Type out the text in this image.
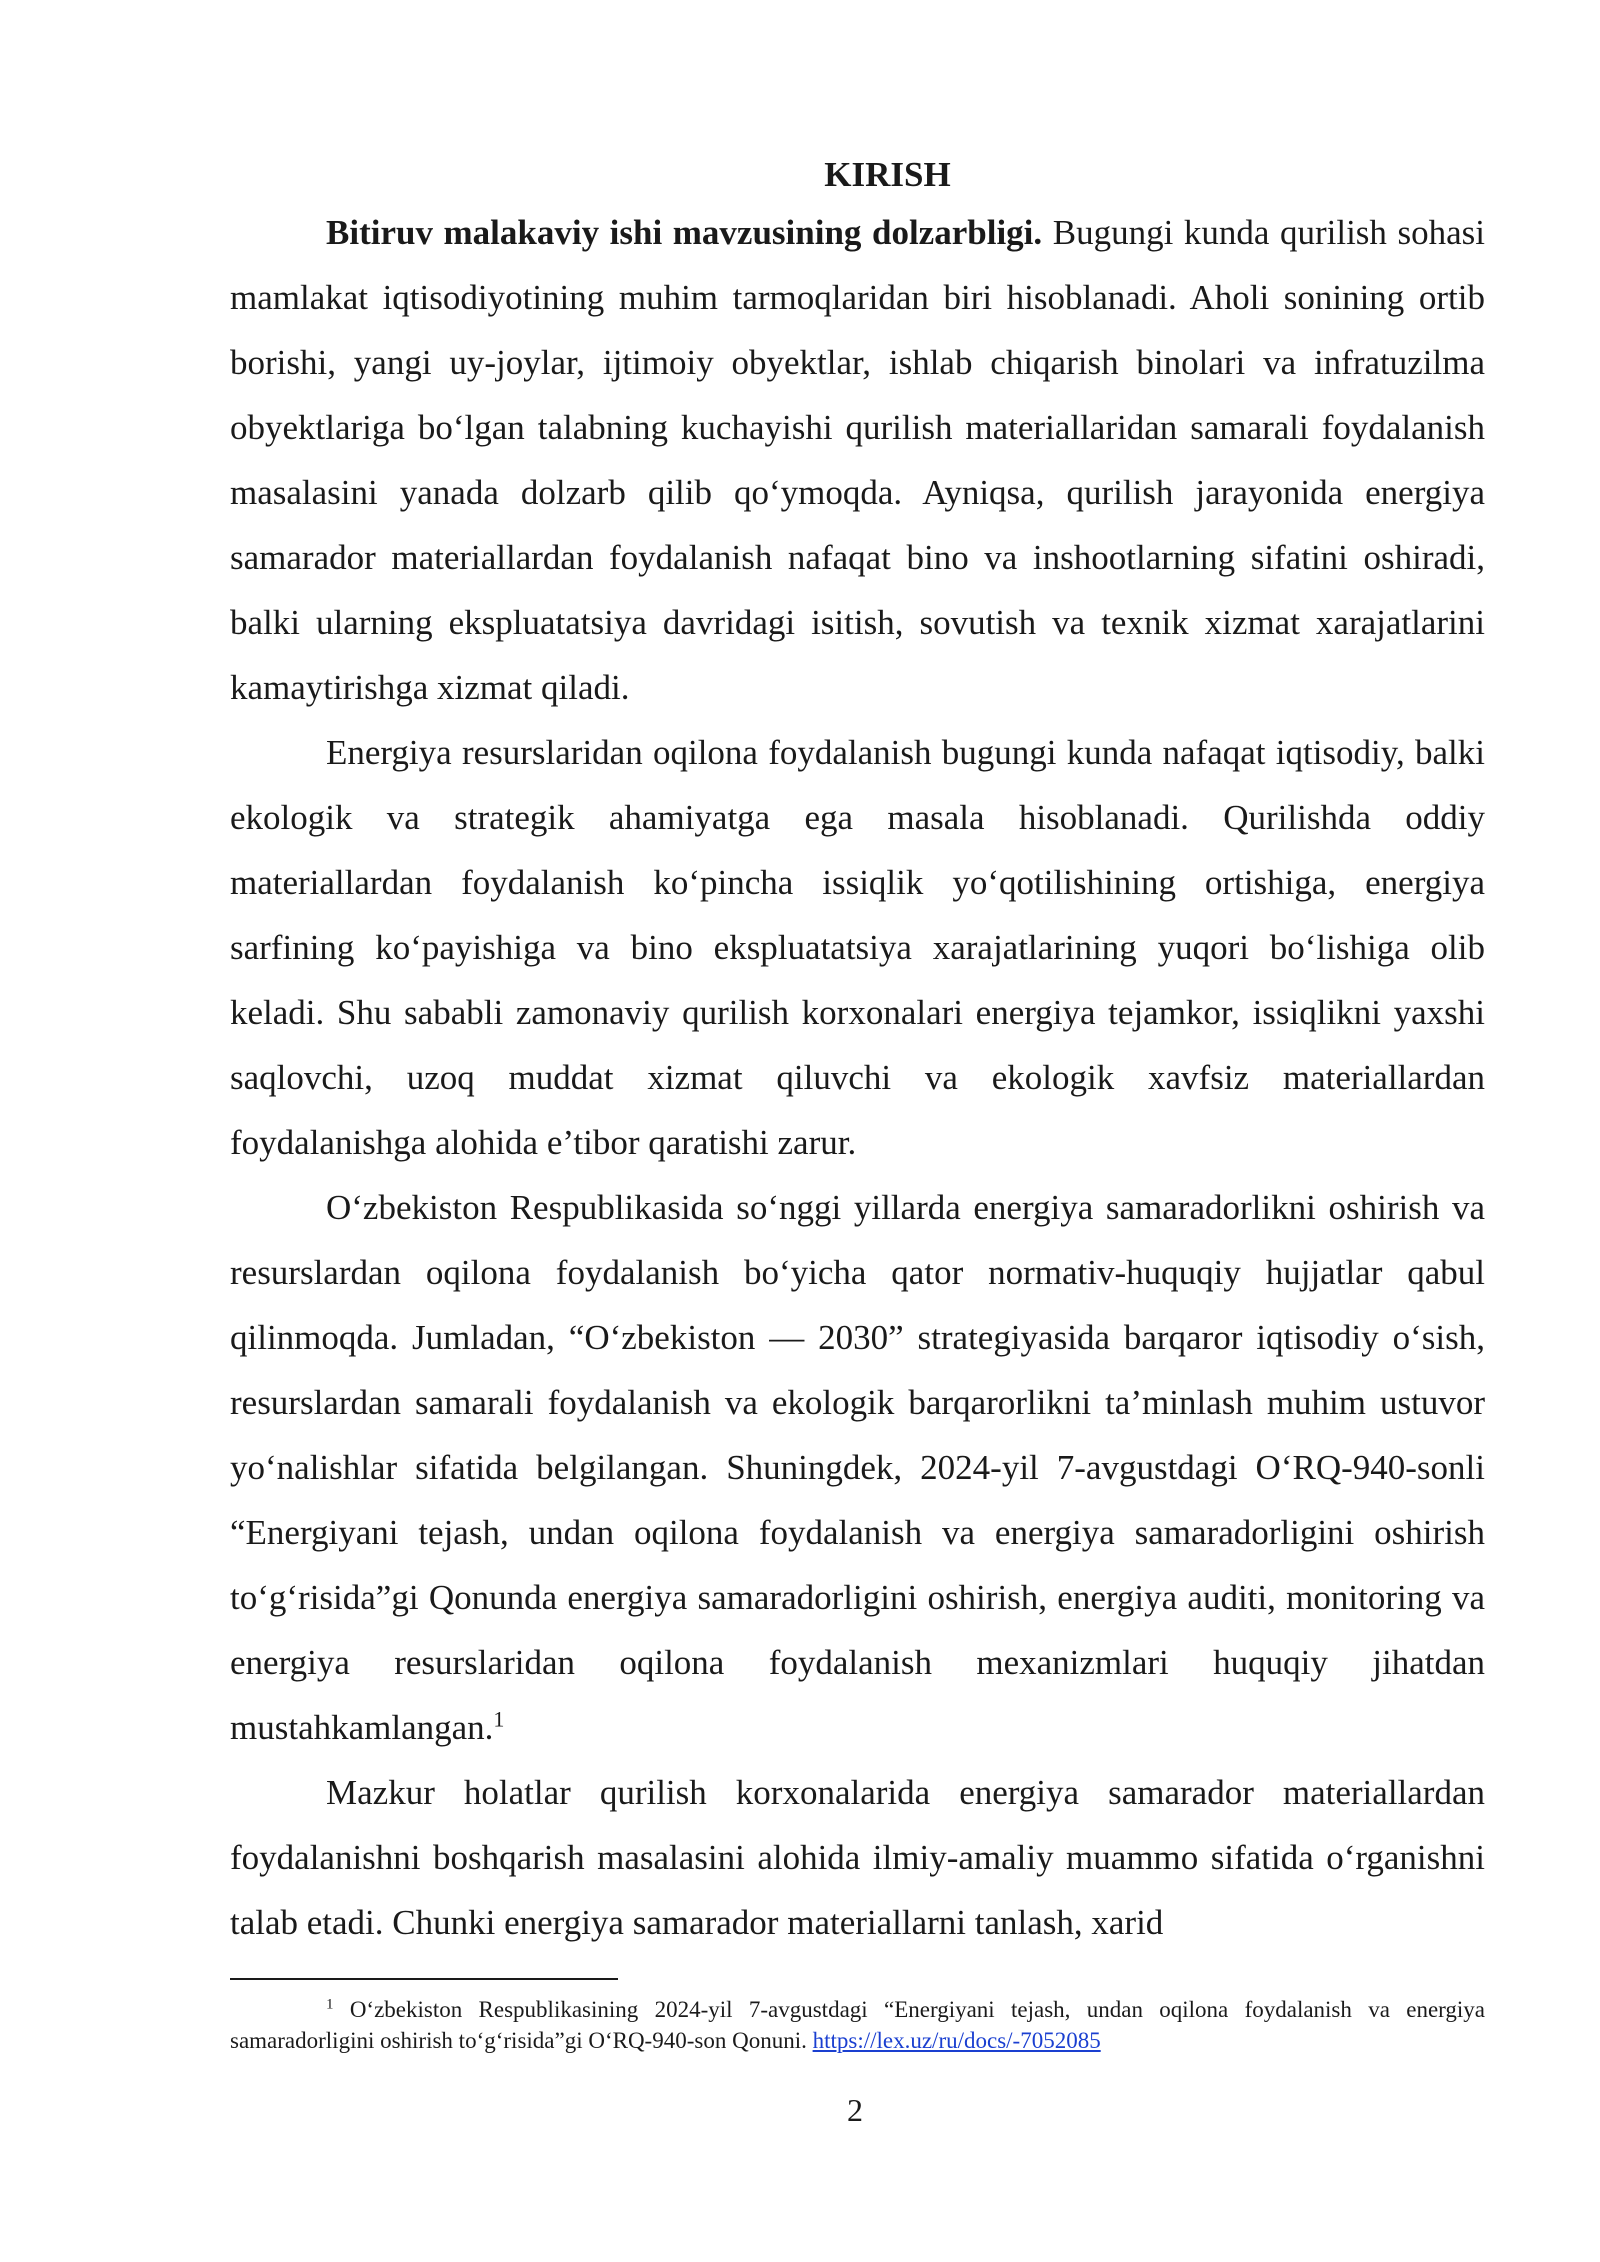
KIRISH

Bitiruv malakaviy ishi mavzusining dolzarbligi. Bugungi kunda qurilish sohasi mamlakat iqtisodiyotining muhim tarmoqlaridan biri hisoblanadi. Aholi sonining ortib borishi, yangi uy-joylar, ijtimoiy obyektlar, ishlab chiqarish binolari va infratuzilma obyektlariga boʻlgan talabning kuchayishi qurilish materiallaridan samarali foydalanish masalasini yanada dolzarb qilib qoʻymoqda. Ayniqsa, qurilish jarayonida energiya samarador materiallardan foydalanish nafaqat bino va inshootlarning sifatini oshiradi, balki ularning ekspluatatsiya davridagi isitish, sovutish va texnik xizmat xarajatlarini kamaytirishga xizmat qiladi.

Energiya resurslaridan oqilona foydalanish bugungi kunda nafaqat iqtisodiy, balki ekologik va strategik ahamiyatga ega masala hisoblanadi. Qurilishda oddiy materiallardan foydalanish koʻpincha issiqlik yoʻqotilishining ortishiga, energiya sarfining koʻpayishiga va bino ekspluatatsiya xarajatlarining yuqori boʻlishiga olib keladi. Shu sababli zamonaviy qurilish korxonalari energiya tejamkor, issiqlikni yaxshi saqlovchi, uzoq muddat xizmat qiluvchi va ekologik xavfsiz materiallardan foydalanishga alohida e’tibor qaratishi zarur.

Oʻzbekiston Respublikasida soʻnggi yillarda energiya samaradorlikni oshirish va resurslardan oqilona foydalanish boʻyicha qator normativ-huquqiy hujjatlar qabul qilinmoqda. Jumladan, “Oʻzbekiston — 2030” strategiyasida barqaror iqtisodiy oʻsish, resurslardan samarali foydalanish va ekologik barqarorlikni ta’minlash muhim ustuvor yoʻnalishlar sifatida belgilangan. Shuningdek, 2024-yil 7-avgustdagi OʻRQ-940-sonli “Energiyani tejash, undan oqilona foydalanish va energiya samaradorligini oshirish toʻgʻrisida”gi Qonunda energiya samaradorligini oshirish, energiya auditi, monitoring va energiya resurslaridan oqilona foydalanish mexanizmlari huquqiy jihatdan mustahkamlangan.$^1$

Mazkur holatlar qurilish korxonalarida energiya samarador materiallardan foydalanishni boshqarish masalasini alohida ilmiy-amaliy muammo sifatida oʻrganishni talab etadi. Chunki energiya samarador materiallarni tanlash, xarid

$^1$ Oʻzbekiston Respublikasining 2024-yil 7-avgustdagi “Energiyani tejash, undan oqilona foydalanish va energiya samaradorligini oshirish toʻgʻrisida”gi OʻRQ-940-son Qonuni. https://lex.uz/ru/docs/-7052085

2
